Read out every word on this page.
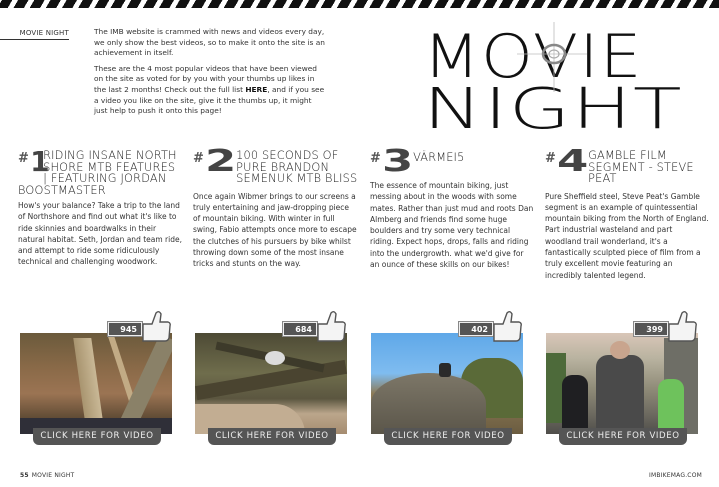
MOVIE NIGHT	The IMB website is crammed with news and videos every day, we only show the best videos, so to make it onto the site is an achievement in itself.

These are the 4 most popular videos that have been viewed on the site as voted for by you with your thumbs up likes in the last 2 months! Check out the full list HERE, and if you see a video you like on the site, give it the thumbs up, it might just help to push it onto this page!

MOVIE
NIGHT
# 1
RIDING INSANE NORTH SHORE MTB FEATURES | FEATURING JORDAN BOOSTMASTER
How's your balance? Take a trip to the land of Northshore and find out what it's like to ride skinnies and boardwalks in their natural habitat. Seth, Jordan and team ride, and attempt to ride some ridiculously technical and challenging woodwork.
# 2 100 SECONDS OF PURE BRANDON SEMENUK MTB BLISS
Once again Wibmer brings to our screens a truly entertaining and jaw-dropping piece of mountain biking. With winter in full swing, Fabio attempts once more to escape the clutches of his pursuers by bike whilst throwing down some of the most insane tricks and stunts on the way.
# 3 VÄRMEI5
The essence of mountain biking, just messing about in the woods with some mates. Rather than just mud and roots Dan Almberg and friends find some huge boulders and try some very technical riding. Expect hops, drops, falls and riding into the undergrowth. what we'd give for an ounce of these skills on our bikes!
# 4 GAMBLE FILM SEGMENT - STEVE PEAT
Pure Sheffield steel, Steve Peat's Gamble segment is an example of quintessential mountain biking from the North of England. Part industrial wasteland and part woodland trail wonderland, it's a fantastically sculpted piece of film from a truly excellent movie featuring an incredibly talented legend.
945
CLICK HERE FOR VIDEO
684
CLICK HERE FOR VIDEO
402
CLICK HERE FOR VIDEO
399
CLICK HERE FOR VIDEO
55 MOVIE NIGHT	IMBIKEMAG.COM
